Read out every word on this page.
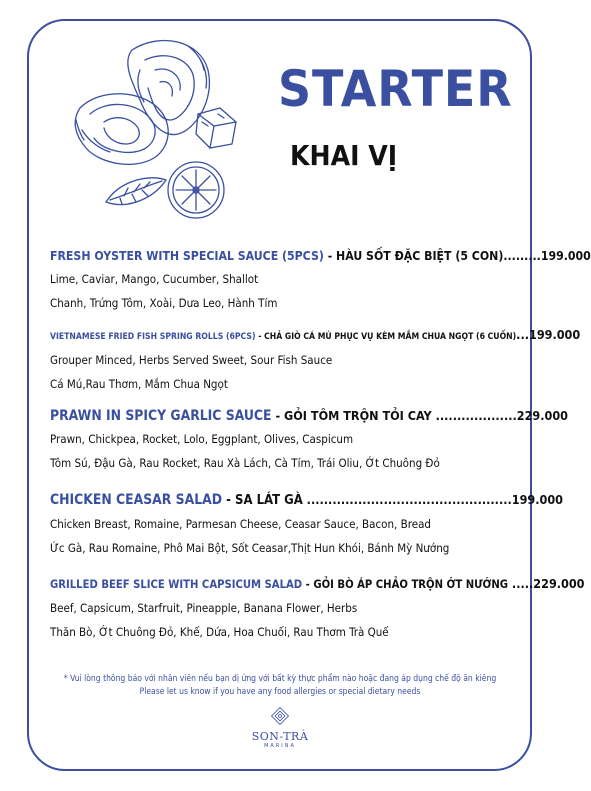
STARTER
KHAI VỊ
FRESH OYSTER WITH SPECIAL SAUCE (5PCS) - HÀU SỐT ĐẶC BIỆT (5 CON).........199.000
Lime, Caviar, Mango, Cucumber, Shallot
Chanh, Trứng Tôm, Xoài, Dưa Leo, Hành Tím
VIETNAMESE FRIED FISH SPRING ROLLS (6PCS) - CHẢ GIÒ CÁ MÚ PHỤC VỤ KÈM MẮM CHUA NGỌT (6 CUỐN)...199.000
Grouper Minced, Herbs Served Sweet, Sour Fish Sauce
Cá Mú,Rau Thơm, Mắm Chua Ngọt
PRAWN IN SPICY GARLIC SAUCE - GỎI TÔM TRỘN TỎI CAY ...................229.000
Prawn, Chickpea, Rocket, Lolo, Eggplant, Olives, Caspicum
Tôm Sú, Đậu Gà, Rau Rocket, Rau Xà Lách, Cà Tím, Trái Oliu, Ớt Chuông Đỏ
CHICKEN CEASAR SALAD - SA LÁT GÀ ................................................199.000
Chicken Breast, Romaine, Parmesan Cheese, Ceasar Sauce, Bacon, Bread
Ức Gà, Rau Romaine, Phô Mai Bột, Sốt Ceasar,Thịt Hun Khói, Bánh Mỳ Nướng
GRILLED BEEF SLICE WITH CAPSICUM SALAD - GỎI BÒ ÁP CHẢO TRỘN ỚT NƯỚNG .....229.000
Beef, Capsicum, Starfruit, Pineapple, Banana Flower, Herbs
Thăn Bò, Ớt Chuông Đỏ, Khế, Dứa, Hoa Chuối, Rau Thơm Trà Quế
* Vui lòng thông báo với nhân viên nếu bạn dị ứng với bất kỳ thực phẩm nào hoặc đang áp dụng chế độ ăn kiêng
Please let us know if you have any food allergies or special dietary needs
SON-TRÀ
MARINA
